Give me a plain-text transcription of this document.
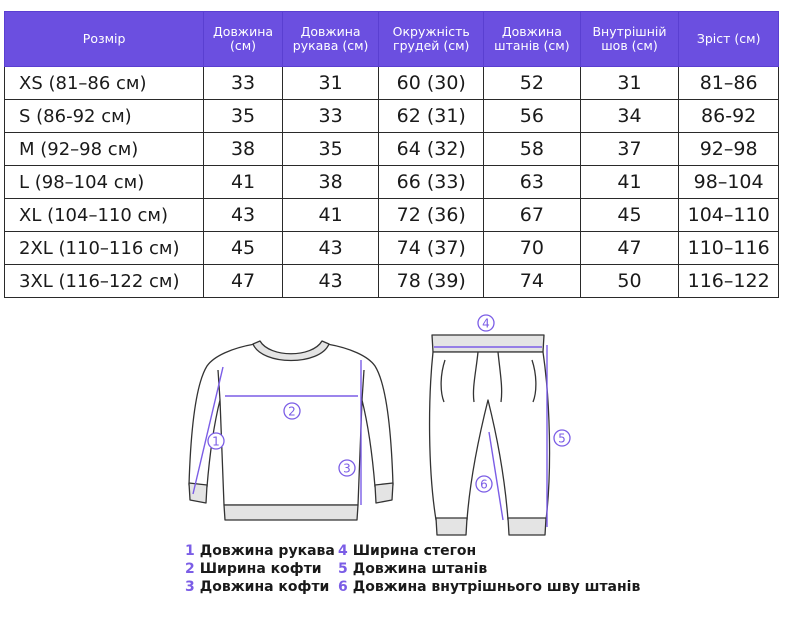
Розмір	Довжина (см)	Довжина рукава (см)	Окружність грудей (см)	Довжина штанів (см)	Внутрішній шов (см)	Зріст (см)
XS (81–86 см)	33	31	60 (30)	52	31	81–86
S (86-92 см)	35	33	62 (31)	56	34	86-92
M (92–98 см)	38	35	64 (32)	58	37	92–98
L (98–104 см)	41	38	66 (33)	63	41	98–104
XL (104–110 см)	43	41	72 (36)	67	45	104–110
2XL (110–116 см)	45	43	74 (37)	70	47	110–116
3XL (116–122 см)	47	43	78 (39)	74	50	116–122
1
2
3
4
5
6
1 Довжина рукава
2 Ширина кофти
3 Довжина кофти
4 Ширина стегон
5 Довжина штанів
6 Довжина внутрішнього шву штанів
